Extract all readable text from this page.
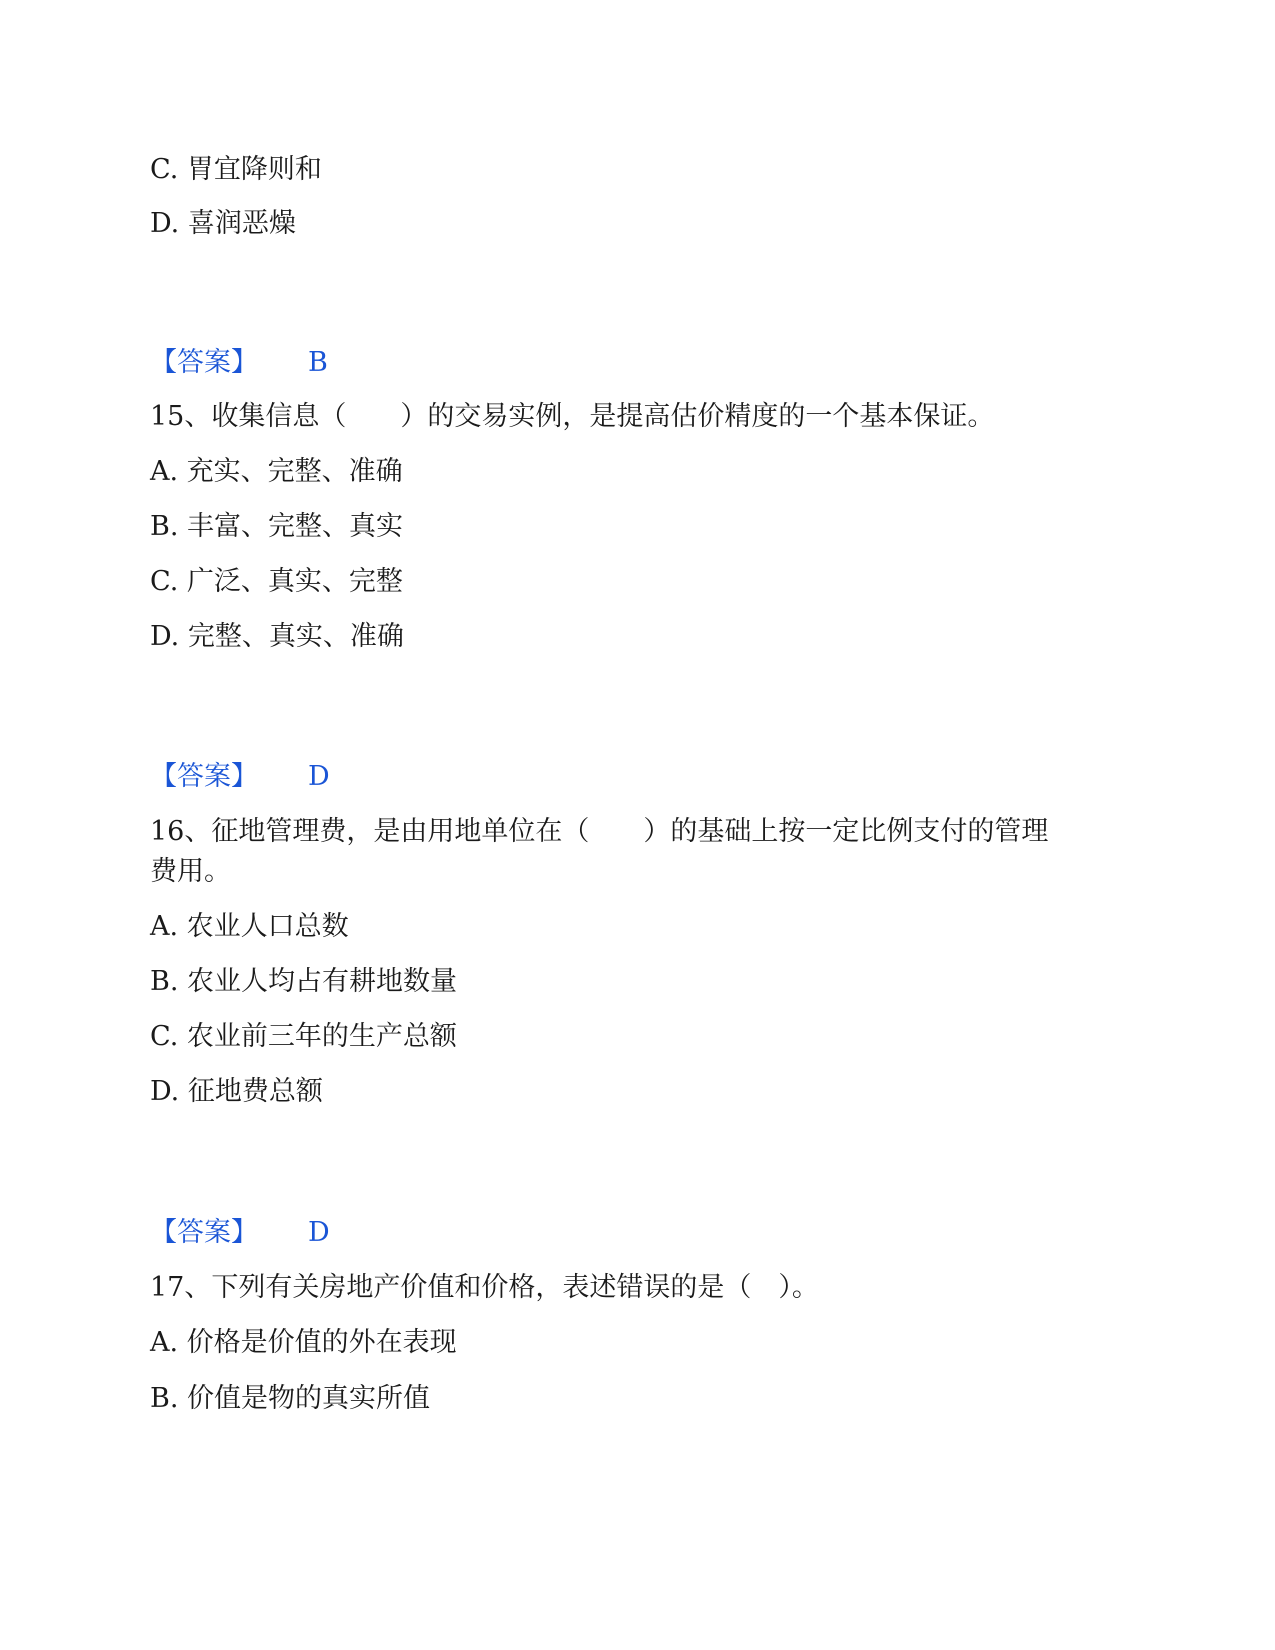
C. 胃宜降则和
D. 喜润恶燥
【答案】 B
15、收集信息（　　）的交易实例，是提高估价精度的一个基本保证。
A. 充实、完整、准确
B. 丰富、完整、真实
C. 广泛、真实、完整
D. 完整、真实、准确
【答案】 D
16、征地管理费，是由用地单位在（　　）的基础上按一定比例支付的管理
费用。
A. 农业人口总数
B. 农业人均占有耕地数量
C. 农业前三年的生产总额
D. 征地费总额
【答案】 D
17、下列有关房地产价值和价格，表述错误的是（　）。
A. 价格是价值的外在表现
B. 价值是物的真实所值
